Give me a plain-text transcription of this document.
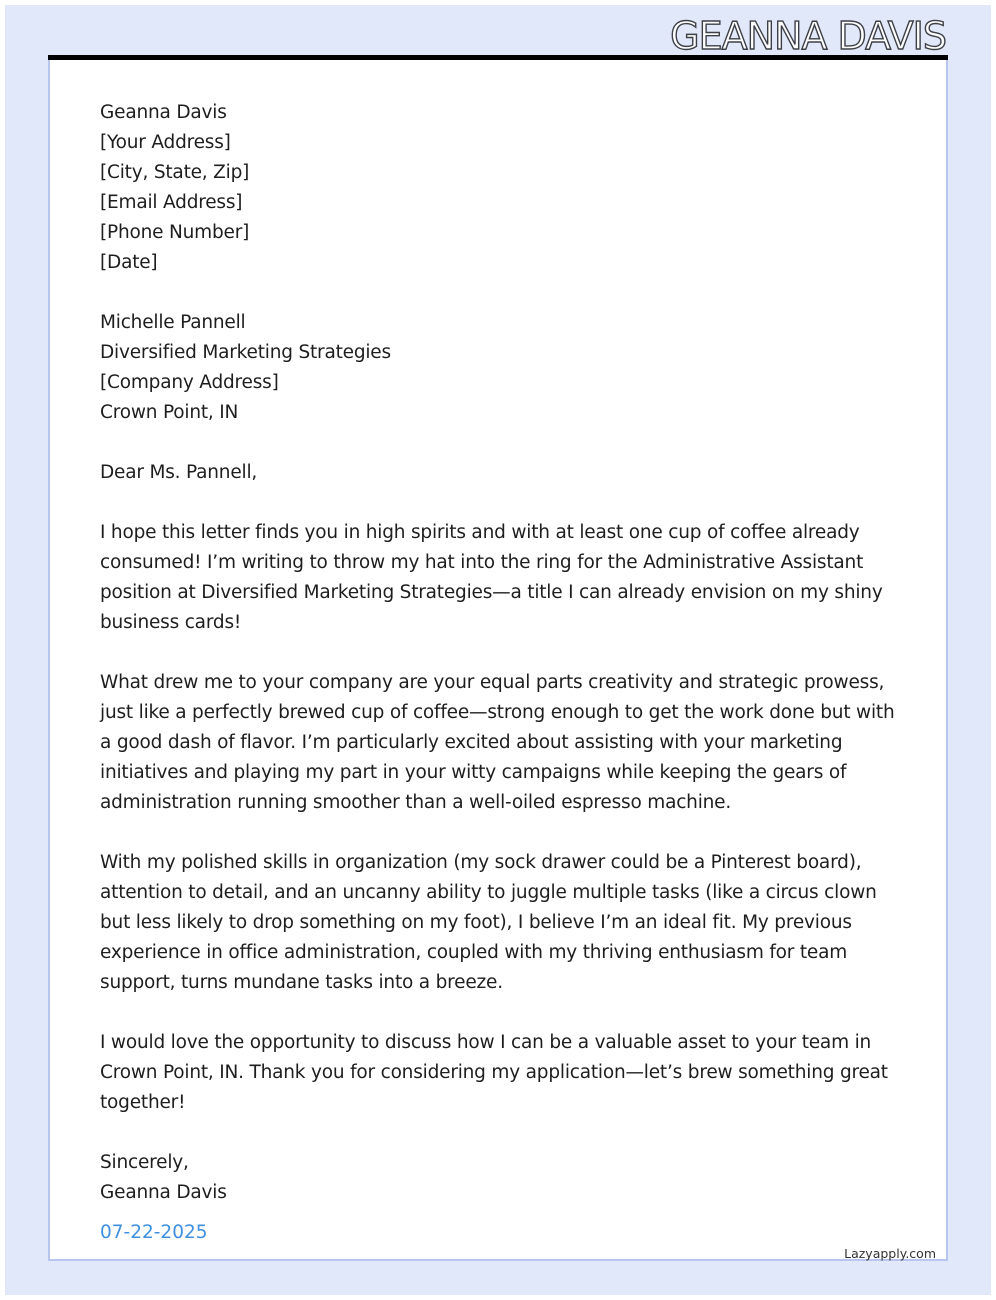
GEANNA DAVIS
Geanna Davis
[Your Address]
[City, State, Zip]
[Email Address]
[Phone Number]
[Date]
Michelle Pannell
Diversified Marketing Strategies
[Company Address]
Crown Point, IN
Dear Ms. Pannell,
I hope this letter finds you in high spirits and with at least one cup of coffee already consumed! I’m writing to throw my hat into the ring for the Administrative Assistant position at Diversified Marketing Strategies—a title I can already envision on my shiny business cards!
What drew me to your company are your equal parts creativity and strategic prowess, just like a perfectly brewed cup of coffee—strong enough to get the work done but with a good dash of flavor. I’m particularly excited about assisting with your marketing initiatives and playing my part in your witty campaigns while keeping the gears of administration running smoother than a well-oiled espresso machine.
With my polished skills in organization (my sock drawer could be a Pinterest board), attention to detail, and an uncanny ability to juggle multiple tasks (like a circus clown but less likely to drop something on my foot), I believe I’m an ideal fit. My previous experience in office administration, coupled with my thriving enthusiasm for team support, turns mundane tasks into a breeze.
I would love the opportunity to discuss how I can be a valuable asset to your team in Crown Point, IN. Thank you for considering my application—let’s brew something great together!
Sincerely,
Geanna Davis
07-22-2025
Lazyapply.com
